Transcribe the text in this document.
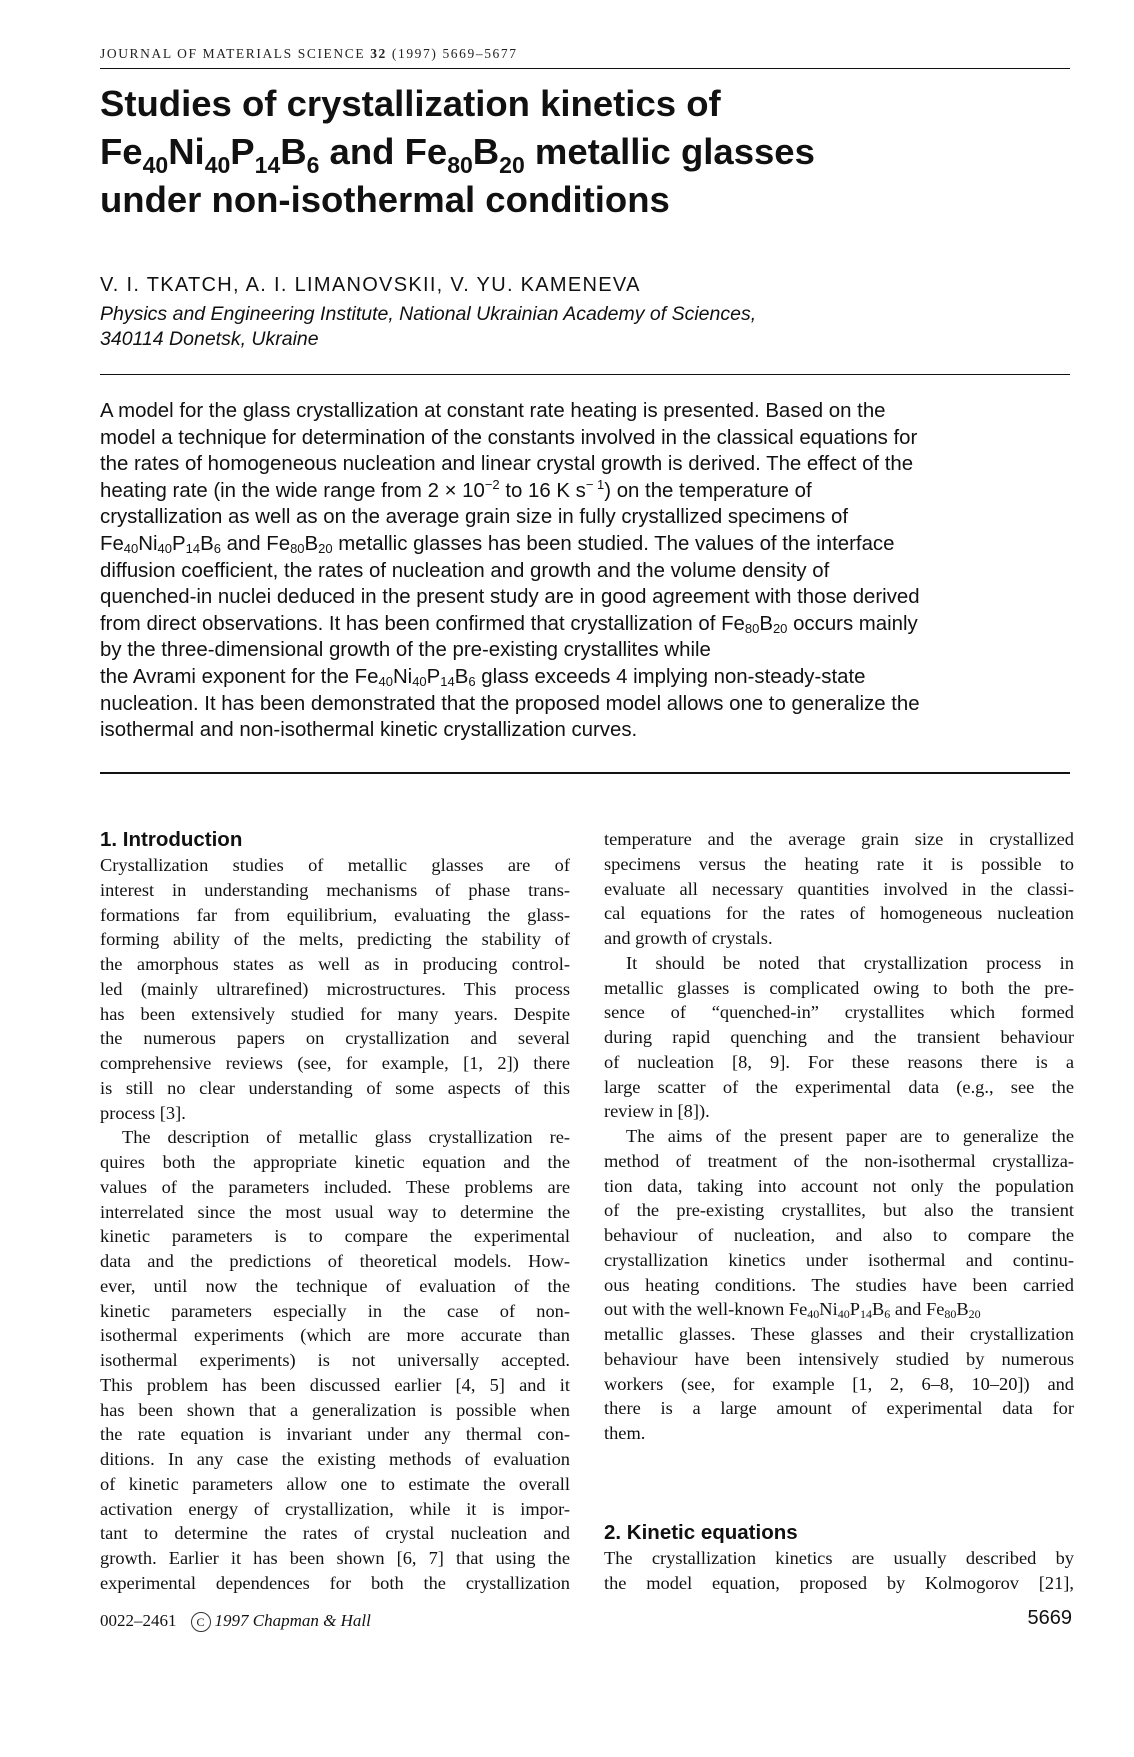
JOURNAL OF MATERIALS SCIENCE 32 (1997) 5669–5677
Studies of crystallization kinetics of
$Fe_{40}Ni_{40}P_{14}B_6$ and $Fe_{80}B_{20}$ metallic glasses
under non-isothermal conditions
V. I. TKATCH, A. I. LIMANOVSKII, V. YU. KAMENEVA
Physics and Engineering Institute, National Ukrainian Academy of Sciences,
340114 Donetsk, Ukraine
A model for the glass crystallization at constant rate heating is presented. Based on the
model a technique for determination of the constants involved in the classical equations for
the rates of homogeneous nucleation and linear crystal growth is derived. The effect of the
heating rate (in the wide range from $2 \times 10^{-2}$ to 16 K $s^{- 1}$) on the temperature of
crystallization as well as on the average grain size in fully crystallized specimens of
$Fe_{40}Ni_{40}P_{14}B_6$ and $Fe_{80}B_{20}$ metallic glasses has been studied. The values of the interface
diffusion coefficient, the rates of nucleation and growth and the volume density of
quenched-in nuclei deduced in the present study are in good agreement with those derived
from direct observations. It has been confirmed that crystallization of $Fe_{80}B_{20}$ occurs mainly
by the three-dimensional growth of the pre-existing crystallites while
the Avrami exponent for the $Fe_{40}Ni_{40}P_{14}B_6$ glass exceeds 4 implying non-steady-state
nucleation. It has been demonstrated that the proposed model allows one to generalize the
isothermal and non-isothermal kinetic crystallization curves.
1. Introduction
Crystallization studies of metallic glasses are of
interest in understanding mechanisms of phase trans-
formations far from equilibrium, evaluating the glass-
forming ability of the melts, predicting the stability of
the amorphous states as well as in producing control-
led (mainly ultrarefined) microstructures. This process
has been extensively studied for many years. Despite
the numerous papers on crystallization and several
comprehensive reviews (see, for example, [1, 2]) there
is still no clear understanding of some aspects of this
process [3].
The description of metallic glass crystallization re-
quires both the appropriate kinetic equation and the
values of the parameters included. These problems are
interrelated since the most usual way to determine the
kinetic parameters is to compare the experimental
data and the predictions of theoretical models. How-
ever, until now the technique of evaluation of the
kinetic parameters especially in the case of non-
isothermal experiments (which are more accurate than
isothermal experiments) is not universally accepted.
This problem has been discussed earlier [4, 5] and it
has been shown that a generalization is possible when
the rate equation is invariant under any thermal con-
ditions. In any case the existing methods of evaluation
of kinetic parameters allow one to estimate the overall
activation energy of crystallization, while it is impor-
tant to determine the rates of crystal nucleation and
growth. Earlier it has been shown [6, 7] that using the
experimental dependences for both the crystallization
temperature and the average grain size in crystallized
specimens versus the heating rate it is possible to
evaluate all necessary quantities involved in the classi-
cal equations for the rates of homogeneous nucleation
and growth of crystals.
It should be noted that crystallization process in
metallic glasses is complicated owing to both the pre-
sence of “quenched-in” crystallites which formed
during rapid quenching and the transient behaviour
of nucleation [8, 9]. For these reasons there is a
large scatter of the experimental data (e.g., see the
review in [8]).
The aims of the present paper are to generalize the
method of treatment of the non-isothermal crystalliza-
tion data, taking into account not only the population
of the pre-existing crystallites, but also the transient
behaviour of nucleation, and also to compare the
crystallization kinetics under isothermal and continu-
ous heating conditions. The studies have been carried
out with the well-known $Fe_{40}Ni_{40}P_{14}B_6$ and $Fe_{80}B_{20}$
metallic glasses. These glasses and their crystallization
behaviour have been intensively studied by numerous
workers (see, for example [1, 2, 6–8, 10–20]) and
there is a large amount of experimental data for
them.
2. Kinetic equations
The crystallization kinetics are usually described by
the model equation, proposed by Kolmogorov [21],
0022–2461 C 1997 Chapman & Hall	5669
